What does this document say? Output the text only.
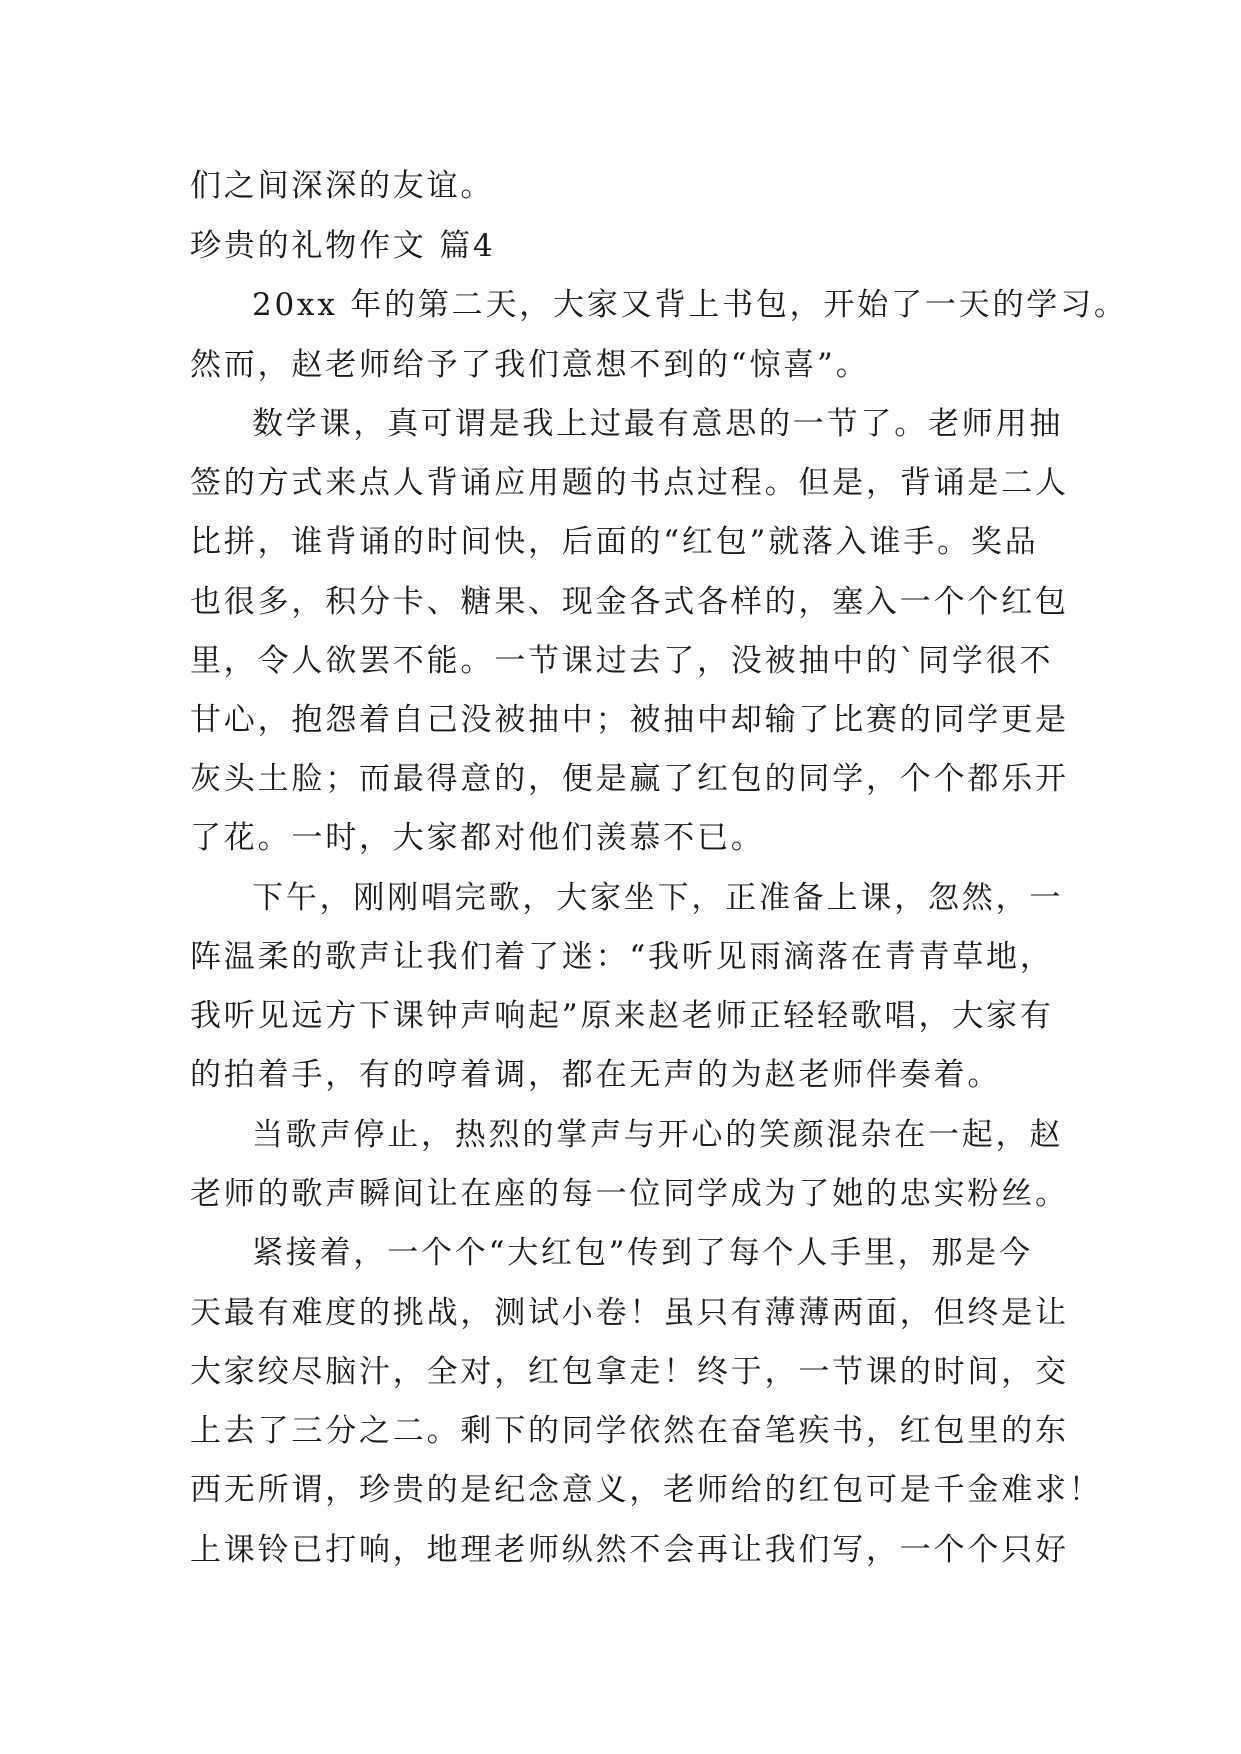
们之间深深的友谊。
珍贵的礼物作文 篇4
20xx 年的第二天，大家又背上书包，开始了一天的学习。
然而，赵老师给予了我们意想不到的“惊喜”。
数学课，真可谓是我上过最有意思的一节了。老师用抽
签的方式来点人背诵应用题的书点过程。但是，背诵是二人
比拼，谁背诵的时间快，后面的“红包”就落入谁手。奖品
也很多，积分卡、糖果、现金各式各样的，塞入一个个红包
里，令人欲罢不能。一节课过去了，没被抽中的`同学很不
甘心，抱怨着自己没被抽中；被抽中却输了比赛的同学更是
灰头土脸；而最得意的，便是赢了红包的同学，个个都乐开
了花。一时，大家都对他们羡慕不已。
下午，刚刚唱完歌，大家坐下，正准备上课，忽然，一
阵温柔的歌声让我们着了迷：“我听见雨滴落在青青草地，
我听见远方下课钟声响起”原来赵老师正轻轻歌唱，大家有
的拍着手，有的哼着调，都在无声的为赵老师伴奏着。
当歌声停止，热烈的掌声与开心的笑颜混杂在一起，赵
老师的歌声瞬间让在座的每一位同学成为了她的忠实粉丝。
紧接着，一个个“大红包”传到了每个人手里，那是今
天最有难度的挑战，测试小卷！虽只有薄薄两面，但终是让
大家绞尽脑汁，全对，红包拿走！终于，一节课的时间，交
上去了三分之二。剩下的同学依然在奋笔疾书，红包里的东
西无所谓，珍贵的是纪念意义，老师给的红包可是千金难求！
上课铃已打响，地理老师纵然不会再让我们写，一个个只好
